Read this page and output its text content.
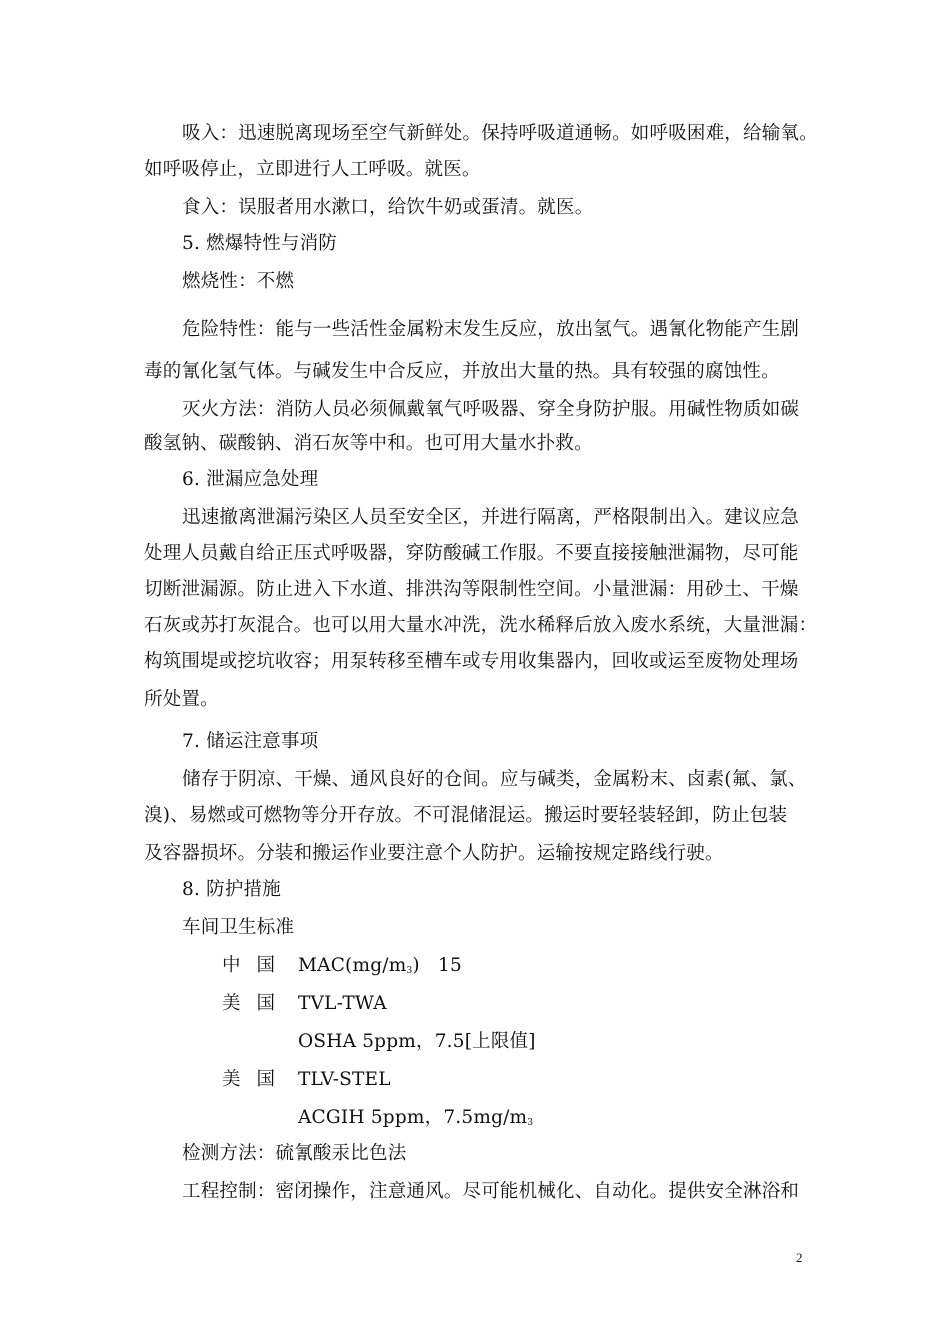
吸入：迅速脱离现场至空气新鲜处。保持呼吸道通畅。如呼吸困难，给输氧。
如呼吸停止，立即进行人工呼吸。就医。
食入：误服者用水漱口，给饮牛奶或蛋清。就医。
5. 燃爆特性与消防
燃烧性：不燃
危险特性：能与一些活性金属粉末发生反应，放出氢气。遇氰化物能产生剧
毒的氰化氢气体。与碱发生中合反应，并放出大量的热。具有较强的腐蚀性。
灭火方法：消防人员必须佩戴氧气呼吸器、穿全身防护服。用碱性物质如碳
酸氢钠、碳酸钠、消石灰等中和。也可用大量水扑救。
6. 泄漏应急处理
迅速撤离泄漏污染区人员至安全区，并进行隔离，严格限制出入。建议应急
处理人员戴自给正压式呼吸器，穿防酸碱工作服。不要直接接触泄漏物，尽可能
切断泄漏源。防止进入下水道、排洪沟等限制性空间。小量泄漏：用砂土、干燥
石灰或苏打灰混合。也可以用大量水冲洗，洗水稀释后放入废水系统，大量泄漏：
构筑围堤或挖坑收容；用泵转移至槽车或专用收集器内，回收或运至废物处理场
所处置。
7. 储运注意事项
储存于阴凉、干燥、通风良好的仓间。应与碱类，金属粉末、卤素(氟、氯、
溴)、易燃或可燃物等分开存放。不可混储混运。搬运时要轻装轻卸，防止包装
及容器损坏。分装和搬运作业要注意个人防护。运输按规定路线行驶。
8. 防护措施
车间卫生标准
中国 $MAC(mg/m_3)$   15
美国 TVL-TWA
OSHA 5ppm，7.5[上限值]
美国 TLV-STEL
ACGIH 5ppm，$7.5mg/m_3$
检测方法：硫氰酸汞比色法
工程控制：密闭操作，注意通风。尽可能机械化、自动化。提供安全淋浴和
2
